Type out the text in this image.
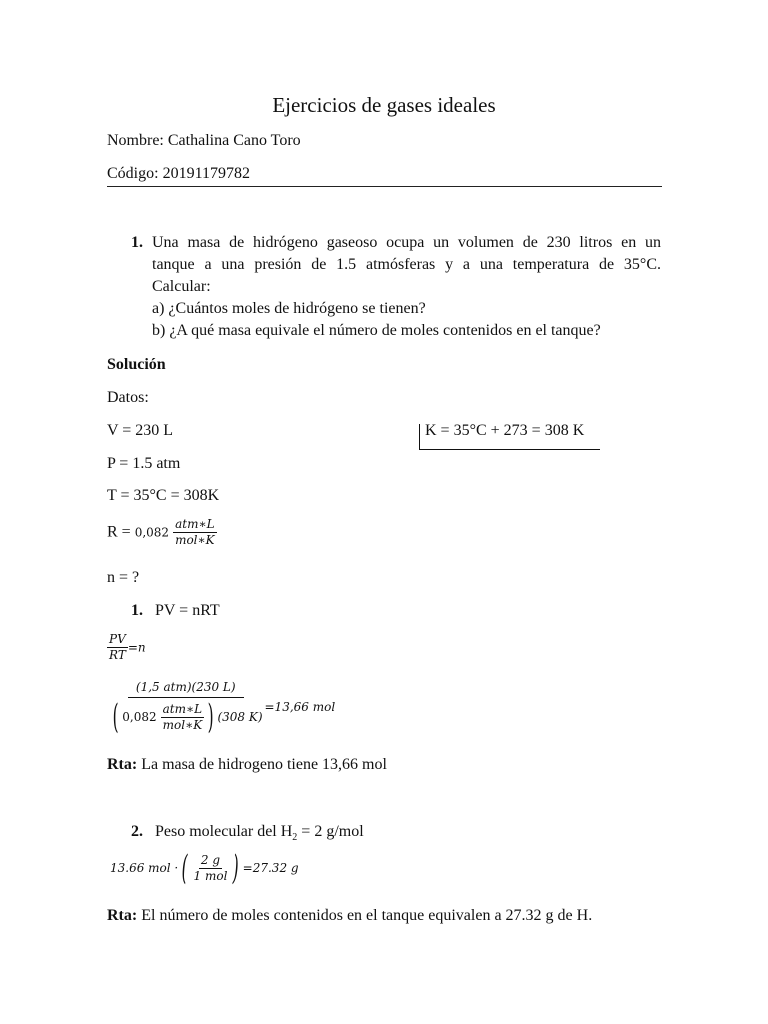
Ejercicios de gases ideales
Nombre: Cathalina Cano Toro
Código: 20191179782
1. Una masa de hidrógeno gaseoso ocupa un volumen de 230 litros en un
tanque a una presión de 1.5 atmósferas y a una temperatura de 35°C.
Calcular:
a) ¿Cuántos moles de hidrógeno se tienen?
b) ¿A qué masa equivale el número de moles contenidos en el tanque?
Solución
Datos:
V = 230 L	K = 35°C + 273 = 308 K
P = 1.5 atm
T = 35°C = 308K
$R = 0,082 \frac{\text{atm∗L}}{\text{mol∗K}}$
n = ?
1. PV = nRT
$\frac{PV}{RT} =n$
$\frac{\text{(1,5 atm)(230 L)}}{( 0,082 \frac{\text{atm∗L}}{\text{mol∗K}} ) (308 K)} =13,66$ mol
Rta: La masa de hidrogeno tiene 13,66 mol
2. Peso molecular del $H_2 = 2$ g/mol
13.66 mol · ( $\frac{2 g}{\text{1 mol}}$ ) =27.32 g
Rta: El número de moles contenidos en el tanque equivalen a 27.32 g de H.
